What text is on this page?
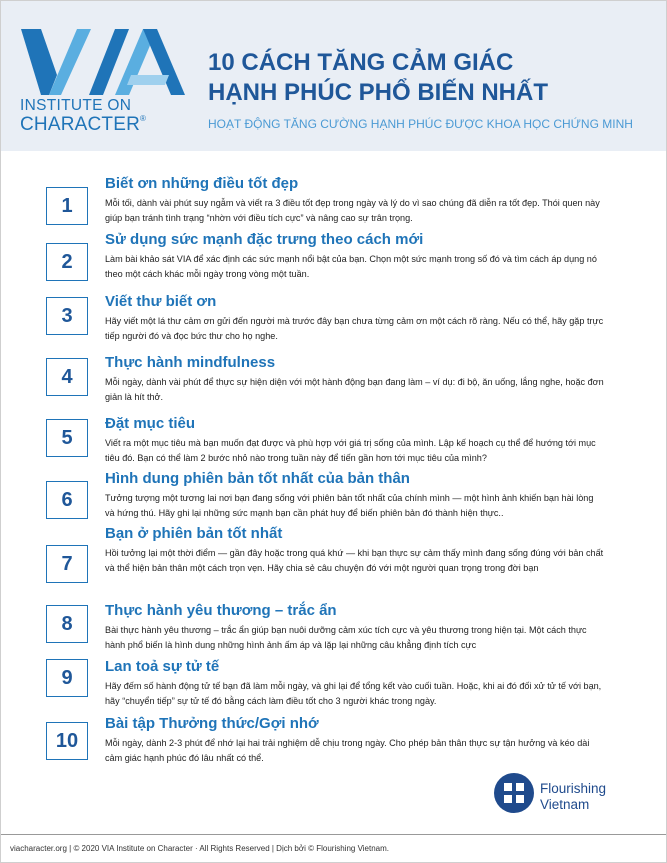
INSTITUTE ON
CHARACTER®
10 CÁCH TĂNG CẢM GIÁC
HẠNH PHÚC PHỔ BIẾN NHẤT
HOẠT ĐỘNG TĂNG CƯỜNG HẠNH PHÚC ĐƯỢC KHOA HỌC CHỨNG MINH
1
Biết ơn những điều tốt đẹp
Mỗi tối, dành vài phút suy ngẫm và viết ra 3 điều tốt đẹp trong ngày và lý do vì sao chúng đã diễn ra tốt đẹp. Thói quen này giúp bạn tránh tình trạng “nhờn với điều tích cực” và nâng cao sự trân trọng.
2
Sử dụng sức mạnh đặc trưng theo cách mới
Làm bài khảo sát VIA để xác định các sức mạnh nổi bật của bạn. Chọn một sức mạnh trong số đó và tìm cách áp dụng nó theo một cách khác mỗi ngày trong vòng một tuần.
3
Viết thư biết ơn
Hãy viết một lá thư cảm ơn gửi đến người mà trước đây bạn chưa từng cảm ơn một cách rõ ràng. Nếu có thể, hãy gặp trực tiếp người đó và đọc bức thư cho họ nghe.
4
Thực hành mindfulness
Mỗi ngày, dành vài phút để thực sự hiện diện với một hành động bạn đang làm – ví dụ: đi bộ, ăn uống, lắng nghe, hoặc đơn giản là hít thở.
5
Đặt mục tiêu
Viết ra một mục tiêu mà bạn muốn đạt được và phù hợp với giá trị sống của mình. Lập kế hoạch cụ thể để hướng tới mục tiêu đó. Bạn có thể làm 2 bước nhỏ nào trong tuần này để tiến gần hơn tới mục tiêu của mình?
6
Hình dung phiên bản tốt nhất của bản thân
Tưởng tượng một tương lai nơi bạn đang sống với phiên bản tốt nhất của chính mình — một hình ảnh khiến bạn hài lòng và hứng thú. Hãy ghi lại những sức mạnh bạn cần phát huy để biến phiên bản đó thành hiện thực..
7
Bạn ở phiên bản tốt nhất
Hồi tưởng lại một thời điểm — gần đây hoặc trong quá khứ — khi bạn thực sự cảm thấy mình đang sống đúng với bản chất và thể hiện bản thân một cách trọn vẹn. Hãy chia sẻ câu chuyện đó với một người quan trọng trong đời bạn
8
Thực hành yêu thương – trắc ẩn
Bài thực hành yêu thương – trắc ẩn giúp bạn nuôi dưỡng cảm xúc tích cực và yêu thương trong hiện tại. Một cách thực hành phổ biến là hình dung những hình ảnh ấm áp và lặp lại những câu khẳng định tích cực
9
Lan toả sự tử tế
Hãy đếm số hành động tử tế bạn đã làm mỗi ngày, và ghi lại để tổng kết vào cuối tuần. Hoặc, khi ai đó đối xử tử tế với bạn, hãy “chuyển tiếp” sự tử tế đó bằng cách làm điều tốt cho 3 người khác trong ngày.
10
Bài tập Thưởng thức/Gợi nhớ
Mỗi ngày, dành 2-3 phút để nhớ lại hai trải nghiệm dễ chịu trong ngày. Cho phép bản thân thực sự tận hưởng và kéo dài cảm giác hạnh phúc đó lâu nhất có thể.
Flourishing
Vietnam
viacharacter.org | © 2020 VIA Institute on Character · All Rights Reserved | Dịch bởi © Flourishing Vietnam.
